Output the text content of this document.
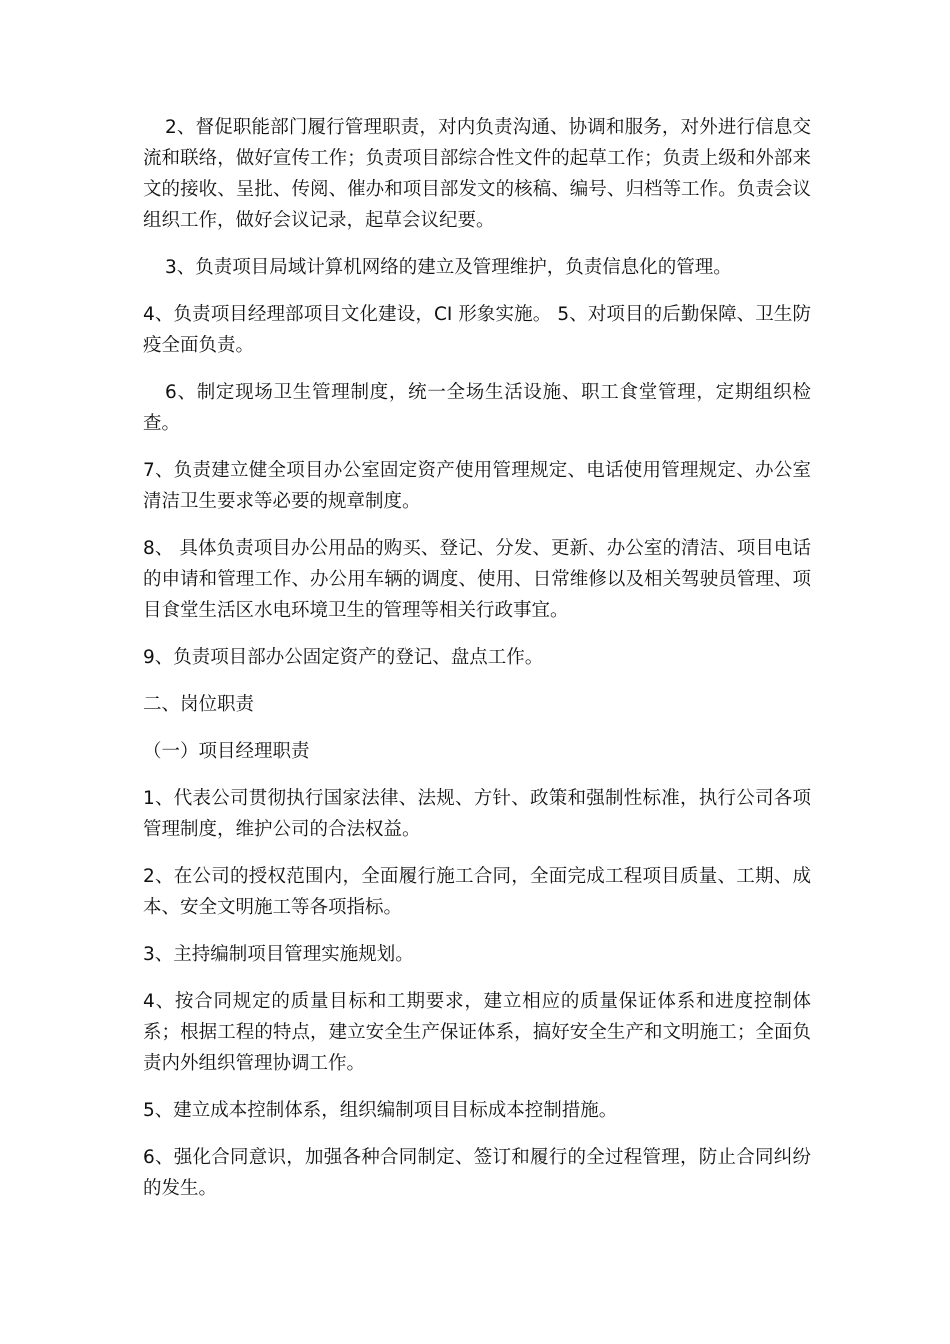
2、督促职能部门履行管理职责，对内负责沟通、协调和服务，对外进行信息交流和联络，做好宣传工作；负责项目部综合性文件的起草工作；负责上级和外部来文的接收、呈批、传阅、催办和项目部发文的核稿、编号、归档等工作。负责会议组织工作，做好会议记录，起草会议纪要。

3、负责项目局域计算机网络的建立及管理维护，负责信息化的管理。

4、负责项目经理部项目文化建设，CI 形象实施。 5、对项目的后勤保障、卫生防疫全面负责。

6、制定现场卫生管理制度，统一全场生活设施、职工食堂管理，定期组织检查。

7、负责建立健全项目办公室固定资产使用管理规定、电话使用管理规定、办公室清洁卫生要求等必要的规章制度。

8、 具体负责项目办公用品的购买、登记、分发、更新、办公室的清洁、项目电话的申请和管理工作、办公用车辆的调度、使用、日常维修以及相关驾驶员管理、项目食堂生活区水电环境卫生的管理等相关行政事宜。

9、负责项目部办公固定资产的登记、盘点工作。

二、岗位职责

（一）项目经理职责

1、代表公司贯彻执行国家法律、法规、方针、政策和强制性标准，执行公司各项管理制度，维护公司的合法权益。

2、在公司的授权范围内，全面履行施工合同，全面完成工程项目质量、工期、成本、安全文明施工等各项指标。

3、主持编制项目管理实施规划。

4、按合同规定的质量目标和工期要求，建立相应的质量保证体系和进度控制体系；根据工程的特点，建立安全生产保证体系，搞好安全生产和文明施工；全面负责内外组织管理协调工作。

5、建立成本控制体系，组织编制项目目标成本控制措施。

6、强化合同意识，加强各种合同制定、签订和履行的全过程管理，防止合同纠纷的发生。
